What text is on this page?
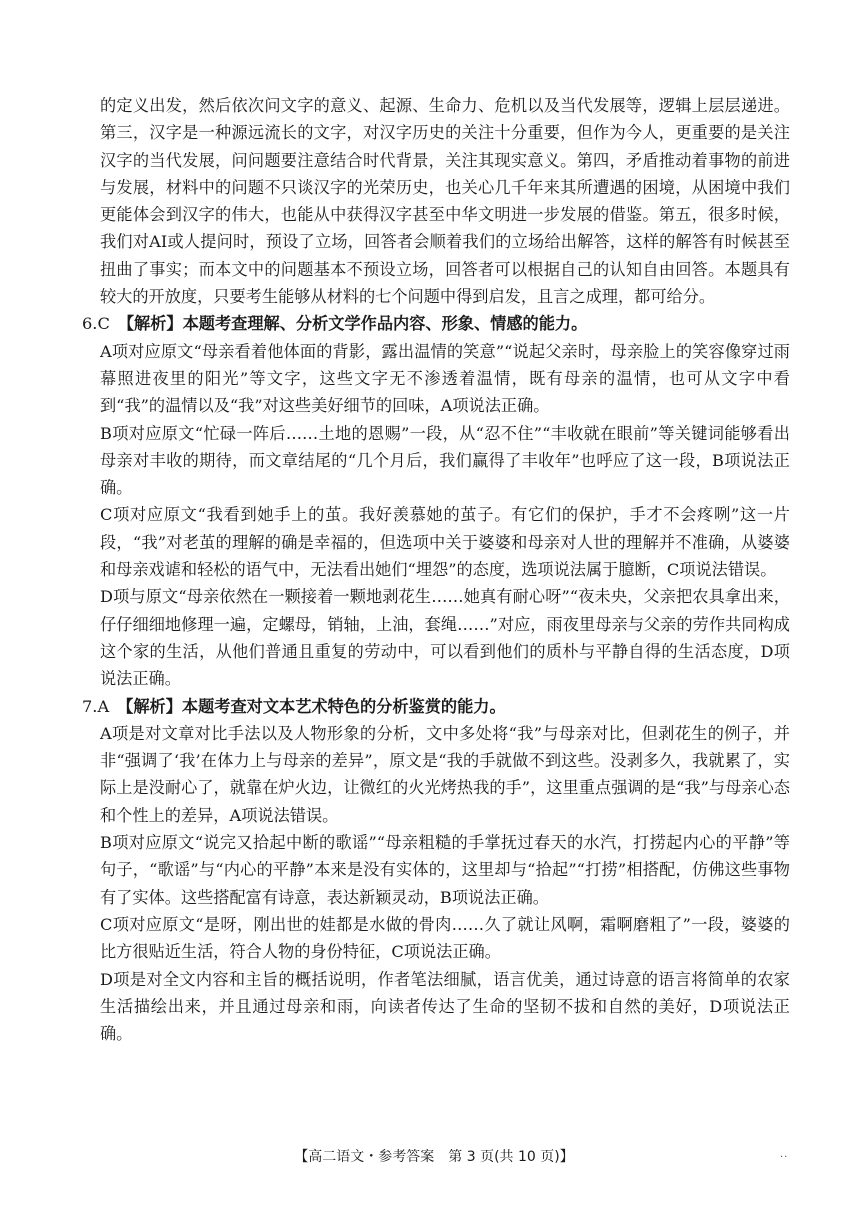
的定义出发，然后依次问文字的意义、起源、生命力、危机以及当代发展等，逻辑上层层递进。第三，汉字是一种源远流长的文字，对汉字历史的关注十分重要，但作为今人，更重要的是关注汉字的当代发展，问问题要注意结合时代背景，关注其现实意义。第四，矛盾推动着事物的前进与发展，材料中的问题不只谈汉字的光荣历史，也关心几千年来其所遭遇的困境，从困境中我们更能体会到汉字的伟大，也能从中获得汉字甚至中华文明进一步发展的借鉴。第五，很多时候，我们对AI或人提问时，预设了立场，回答者会顺着我们的立场给出解答，这样的解答有时候甚至扭曲了事实；而本文中的问题基本不预设立场，回答者可以根据自己的认知自由回答。本题具有较大的开放度，只要考生能够从材料的七个问题中得到启发，且言之成理，都可给分。

6.C 【解析】本题考查理解、分析文学作品内容、形象、情感的能力。

A项对应原文“母亲看着他体面的背影，露出温情的笑意”“说起父亲时，母亲脸上的笑容像穿过雨幕照进夜里的阳光”等文字，这些文字无不渗透着温情，既有母亲的温情，也可从文字中看到“我”的温情以及“我”对这些美好细节的回味，A项说法正确。

B项对应原文“忙碌一阵后……土地的恩赐”一段，从“忍不住”“丰收就在眼前”等关键词能够看出母亲对丰收的期待，而文章结尾的“几个月后，我们赢得了丰收年”也呼应了这一段，B项说法正确。

C项对应原文“我看到她手上的茧。我好羡慕她的茧子。有它们的保护，手才不会疼咧”这一片段，“我”对老茧的理解的确是幸福的，但选项中关于婆婆和母亲对人世的理解并不准确，从婆婆和母亲戏谑和轻松的语气中，无法看出她们“埋怨”的态度，选项说法属于臆断，C项说法错误。

D项与原文“母亲依然在一颗接着一颗地剥花生……她真有耐心呀”“夜未央，父亲把农具拿出来，仔仔细细地修理一遍，定螺母，销轴，上油，套绳……”对应，雨夜里母亲与父亲的劳作共同构成这个家的生活，从他们普通且重复的劳动中，可以看到他们的质朴与平静自得的生活态度，D项说法正确。

7.A 【解析】本题考查对文本艺术特色的分析鉴赏的能力。

A项是对文章对比手法以及人物形象的分析，文中多处将“我”与母亲对比，但剥花生的例子，并非“强调了‘我’在体力上与母亲的差异”，原文是“我的手就做不到这些。没剥多久，我就累了，实际上是没耐心了，就靠在炉火边，让微红的火光烤热我的手”，这里重点强调的是“我”与母亲心态和个性上的差异，A项说法错误。

B项对应原文“说完又拾起中断的歌谣”“母亲粗糙的手掌抚过春天的水汽，打捞起内心的平静”等句子，“歌谣”与“内心的平静”本来是没有实体的，这里却与“拾起”“打捞”相搭配，仿佛这些事物有了实体。这些搭配富有诗意，表达新颖灵动，B项说法正确。

C项对应原文“是呀，刚出世的娃都是水做的骨肉……久了就让风啊，霜啊磨粗了”一段，婆婆的比方很贴近生活，符合人物的身份特征，C项说法正确。

D项是对全文内容和主旨的概括说明，作者笔法细腻，语言优美，通过诗意的语言将简单的农家生活描绘出来，并且通过母亲和雨，向读者传达了生命的坚韧不拔和自然的美好，D项说法正确。

【高二语文・参考答案　第 3 页(共 10 页)】	··
